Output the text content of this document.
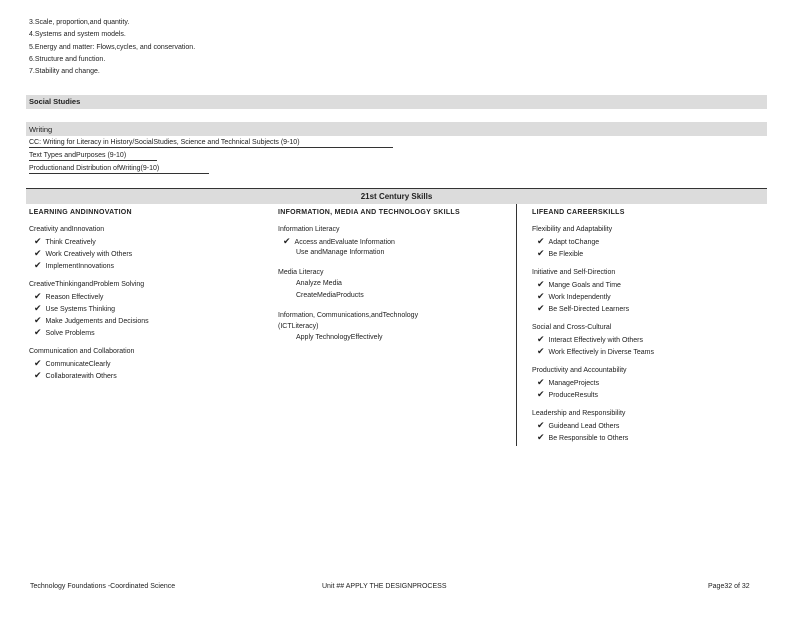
3.Scale, proportion,and quantity.
4.Systems and system models.
5.Energy and matter: Flows,cycles, and conservation.
6.Structure and function.
7.Stability and change.
Social Studies
Writing
CC: Writing for Literacy in History/SocialStudies, Science and Technical Subjects (9-10)
Text Types andPurposes (9-10)
Productionand Distribution ofWriting(9-10)
21st Century Skills
LEARNING ANDINNOVATION
Creativity andInnovation
✔ Think Creatively
✔ Work Creatively with Others
✔ ImplementInnovations
CreativeThinkingandProblem Solving
✔ Reason Effectively
✔ Use Systems Thinking
✔ Make Judgements and Decisions
✔ Solve Problems
Communication and Collaboration
✔ CommunicateClearly
✔ Collaboratewith Others
INFORMATION, MEDIA AND TECHNOLOGY SKILLS
Information Literacy
✔ Access andEvaluate Information
Use andManage Information
Media Literacy
Analyze Media
CreateMediaProducts
Information, Communications,andTechnology
(ICTLiteracy)
Apply TechnologyEffectively
LIFEAND CAREERSKILLS
Flexibility and Adaptability
✔ Adapt toChange
✔ Be Flexible
Initiative and Self-Direction
✔ Mange Goals and Time
✔ Work Independently
✔ Be Self-Directed Learners
Social and Cross-Cultural
✔ Interact Effectively with Others
✔ Work Effectively in Diverse Teams
Productivity and Accountability
✔ ManageProjects
✔ ProduceResults
Leadership and Responsibility
✔ Guideand Lead Others
✔ Be Responsible to Others
Technology Foundations -Coordinated Science	Unit ## APPLY THE DESIGNPROCESS	Page32 of 32
